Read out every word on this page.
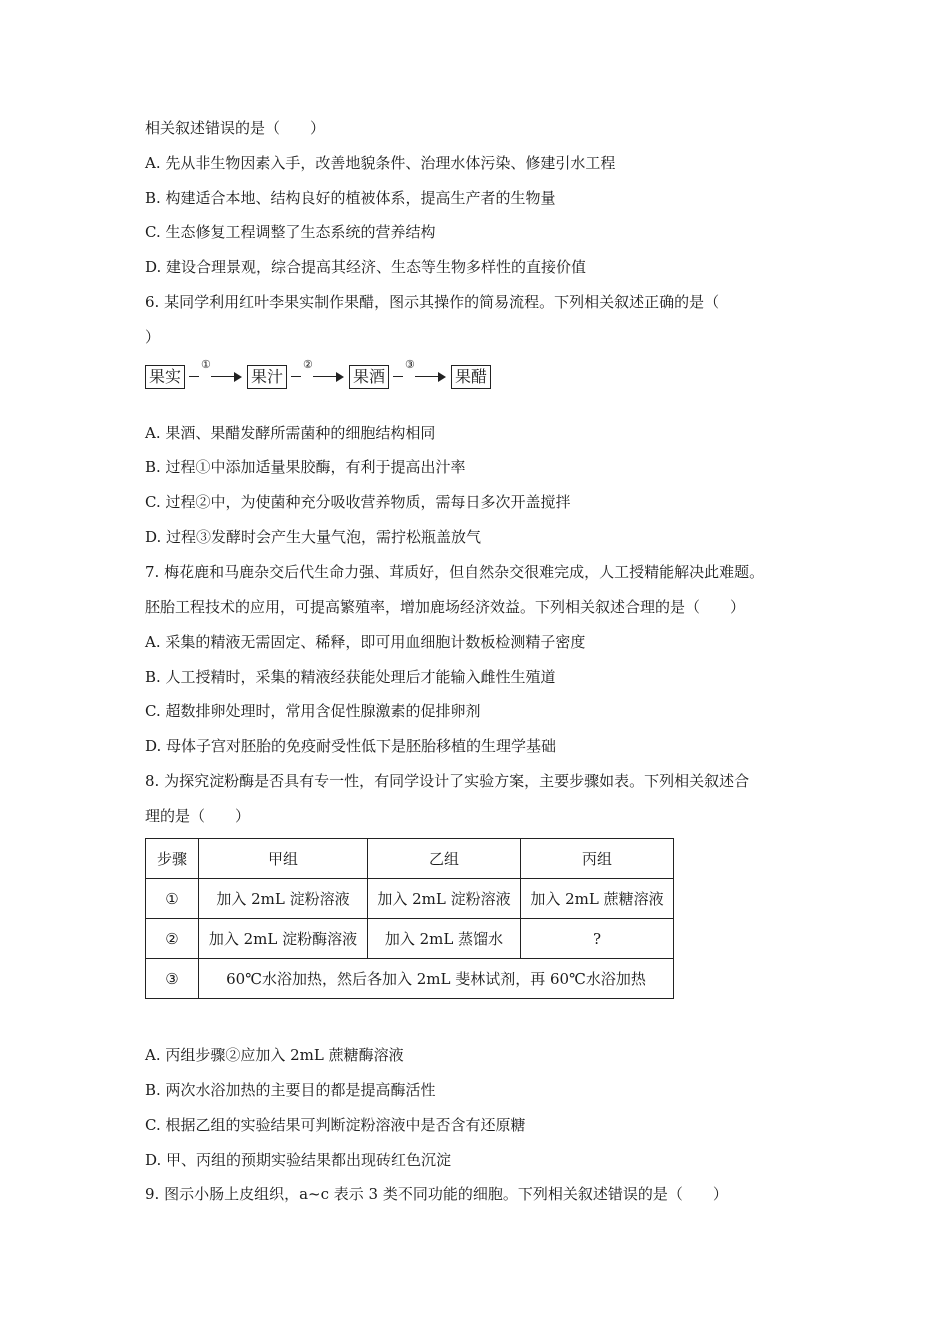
相关叙述错误的是（　　）
A. 先从非生物因素入手，改善地貌条件、治理水体污染、修建引水工程
B. 构建适合本地、结构良好的植被体系，提高生产者的生物量
C. 生态修复工程调整了生态系统的营养结构
D. 建设合理景观，综合提高其经济、生态等生物多样性的直接价值
6. 某同学利用红叶李果实制作果醋，图示其操作的简易流程。下列相关叙述正确的是（
）
果实
①
果汁
②
果酒
③
果醋
A. 果酒、果醋发酵所需菌种的细胞结构相同
B. 过程①中添加适量果胶酶，有利于提高出汁率
C. 过程②中，为使菌种充分吸收营养物质，需每日多次开盖搅拌
D. 过程③发酵时会产生大量气泡，需拧松瓶盖放气
7. 梅花鹿和马鹿杂交后代生命力强、茸质好，但自然杂交很难完成，人工授精能解决此难题。
胚胎工程技术的应用，可提高繁殖率，增加鹿场经济效益。下列相关叙述合理的是（　　）
A. 采集的精液无需固定、稀释，即可用血细胞计数板检测精子密度
B. 人工授精时，采集的精液经获能处理后才能输入雌性生殖道
C. 超数排卵处理时，常用含促性腺激素的促排卵剂
D. 母体子宫对胚胎的免疫耐受性低下是胚胎移植的生理学基础
8. 为探究淀粉酶是否具有专一性，有同学设计了实验方案，主要步骤如表。下列相关叙述合
理的是（　　）
步骤	甲组	乙组	丙组
①	加入 2mL 淀粉溶液	加入 2mL 淀粉溶液	加入 2mL 蔗糖溶液
②	加入 2mL 淀粉酶溶液	加入 2mL 蒸馏水	?
③	60℃水浴加热，然后各加入 2mL 斐林试剂，再 60℃水浴加热		
A. 丙组步骤②应加入 2mL 蔗糖酶溶液
B. 两次水浴加热的主要目的都是提高酶活性
C. 根据乙组的实验结果可判断淀粉溶液中是否含有还原糖
D. 甲、丙组的预期实验结果都出现砖红色沉淀
9. 图示小肠上皮组织，a~c 表示 3 类不同功能的细胞。下列相关叙述错误的是（　　）
